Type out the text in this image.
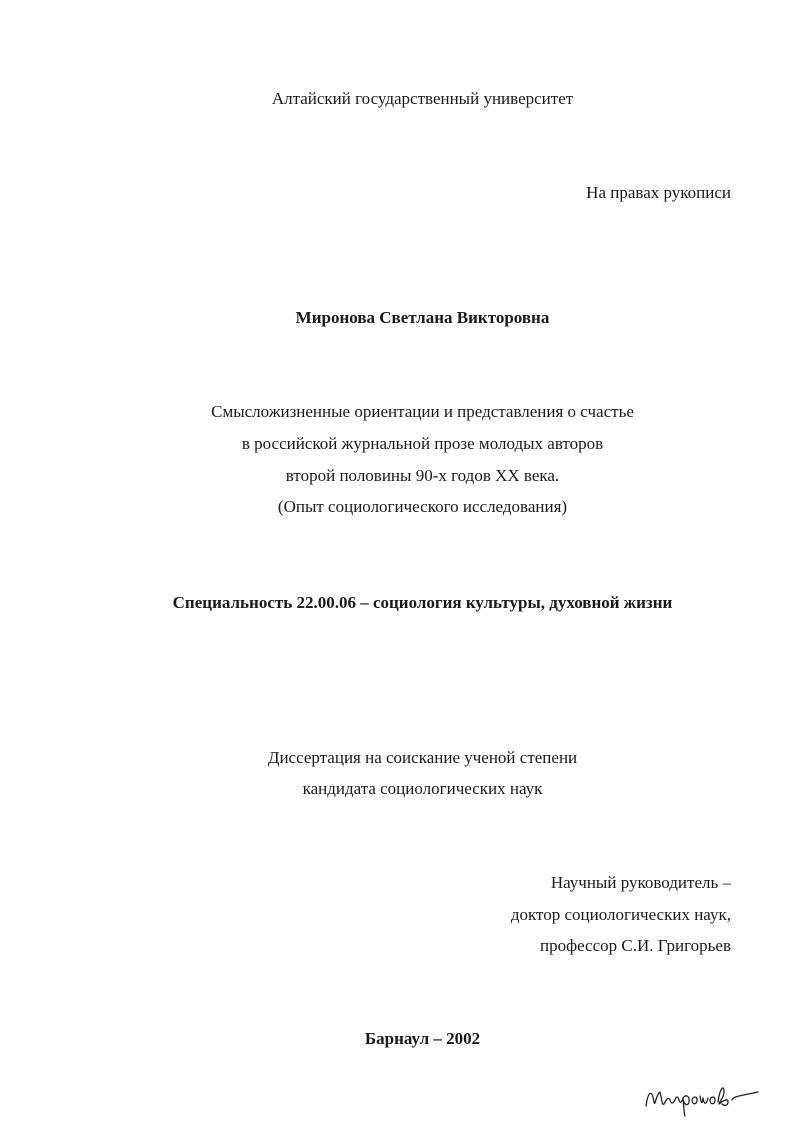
Алтайский государственный университет
На правах рукописи
Миронова Светлана Викторовна
Смысложизненные ориентации и представления о счастье
в российской журнальной прозе молодых авторов
второй половины 90-х годов XX века.
(Опыт социологического исследования)
Специальность 22.00.06 – социология культуры, духовной жизни
Диссертация на соискание ученой степени
кандидата социологических наук
Научный руководитель –
доктор социологических наук,
профессор С.И. Григорьев
Барнаул – 2002
